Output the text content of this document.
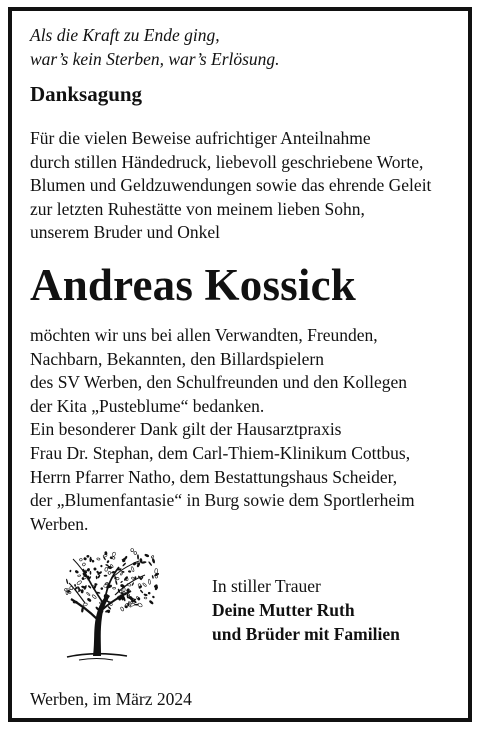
Als die Kraft zu Ende ging,
war’s kein Sterben, war’s Erlösung.

Danksagung

Für die vielen Beweise aufrichtiger Anteilnahme
durch stillen Händedruck, liebevoll geschriebene Worte,
Blumen und Geldzuwendungen sowie das ehrende Geleit
zur letzten Ruhestätte von meinem lieben Sohn,
unserem Bruder und Onkel

Andreas Kossick

möchten wir uns bei allen Verwandten, Freunden,
Nachbarn, Bekannten, den Billardspielern
des SV Werben, den Schulfreunden und den Kollegen
der Kita „Pusteblume“ bedanken.
Ein besonderer Dank gilt der Hausarztpraxis
Frau Dr. Stephan, dem Carl-Thiem-Klinikum Cottbus,
Herrn Pfarrer Natho, dem Bestattungshaus Scheider,
der „Blumenfantasie“ in Burg sowie dem Sportlerheim
Werben.

In stiller Trauer
Deine Mutter Ruth
und Brüder mit Familien

Werben, im März 2024
